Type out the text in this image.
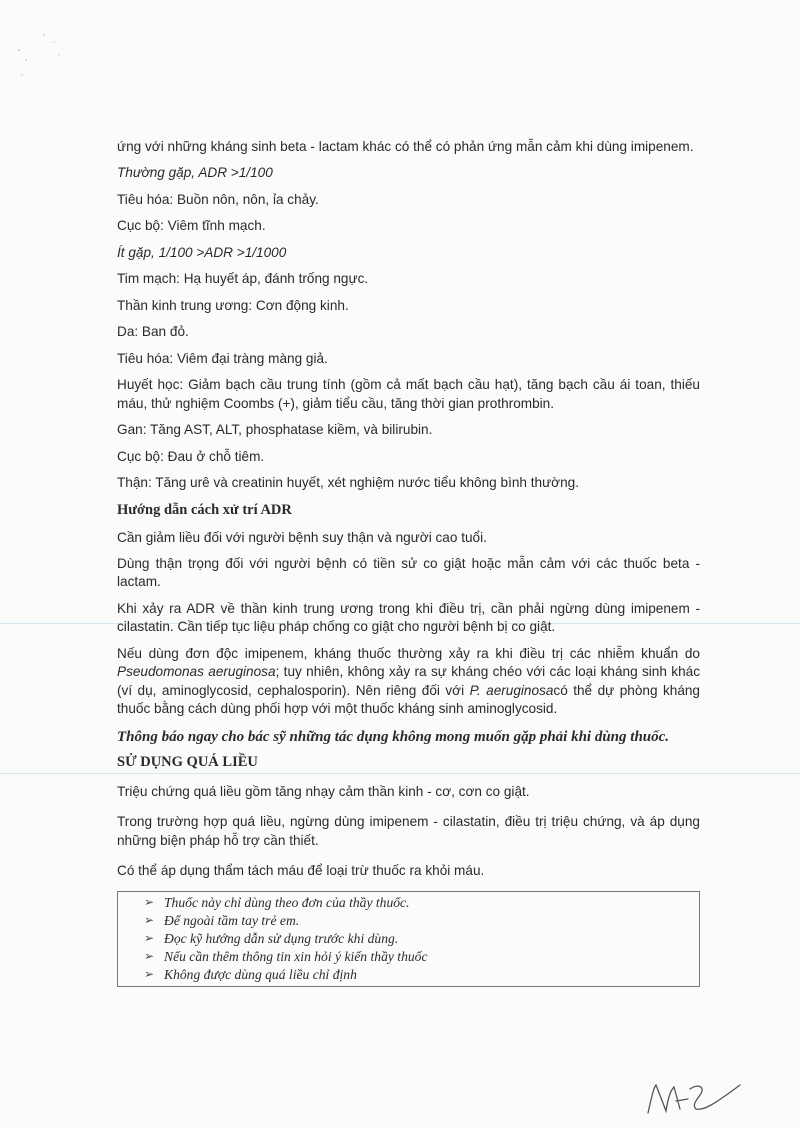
ứng với những kháng sinh beta - lactam khác có thể có phản ứng mẫn cảm khi dùng imipenem.

Thường gặp, ADR >1/100

Tiêu hóa: Buồn nôn, nôn, ỉa chảy.

Cục bộ: Viêm tĩnh mạch.

Ít gặp, 1/100 >ADR >1/1000

Tim mạch: Hạ huyết áp, đánh trống ngực.

Thần kinh trung ương: Cơn động kinh.

Da: Ban đỏ.

Tiêu hóa: Viêm đại tràng màng giả.

Huyết học: Giảm bạch cầu trung tính (gồm cả mất bạch cầu hạt), tăng bạch cầu ái toan, thiếu máu, thử nghiệm Coombs (+), giảm tiểu cầu, tăng thời gian prothrombin.

Gan: Tăng AST, ALT, phosphatase kiềm, và bilirubin.

Cục bộ: Đau ở chỗ tiêm.

Thận: Tăng urê và creatinin huyết, xét nghiệm nước tiểu không bình thường.

Hướng dẫn cách xử trí ADR

Cần giảm liều đối với người bệnh suy thận và người cao tuổi.

Dùng thận trọng đối với người bệnh có tiền sử co giật hoặc mẫn cảm với các thuốc beta - lactam.

Khi xảy ra ADR về thần kinh trung ương trong khi điều trị, cần phải ngừng dùng imipenem - cilastatin. Cần tiếp tục liệu pháp chống co giật cho người bệnh bị co giật.

Nếu dùng đơn độc imipenem, kháng thuốc thường xảy ra khi điều trị các nhiễm khuẩn do Pseudomonas aeruginosa; tuy nhiên, không xảy ra sự kháng chéo với các loại kháng sinh khác (ví dụ, aminoglycosid, cephalosporin). Nên riêng đối với P. aeruginosacó thể dự phòng kháng thuốc bằng cách dùng phối hợp với một thuốc kháng sinh aminoglycosid.

Thông báo ngay cho bác sỹ những tác dụng không mong muốn gặp phải khi dùng thuốc.

SỬ DỤNG QUÁ LIỀU

Triệu chứng quá liều gồm tăng nhạy cảm thần kinh - cơ, cơn co giật.

Trong trường hợp quá liều, ngừng dùng imipenem - cilastatin, điều trị triệu chứng, và áp dụng những biện pháp hỗ trợ cần thiết.

Có thể áp dụng thẩm tách máu để loại trừ thuốc ra khỏi máu.

➢ Thuốc này chỉ dùng theo đơn của thầy thuốc.
➢ Để ngoài tầm tay trẻ em.
➢ Đọc kỹ hướng dẫn sử dụng trước khi dùng.
➢ Nếu cần thêm thông tin xin hỏi ý kiến thầy thuốc
➢ Không được dùng quá liều chỉ định
